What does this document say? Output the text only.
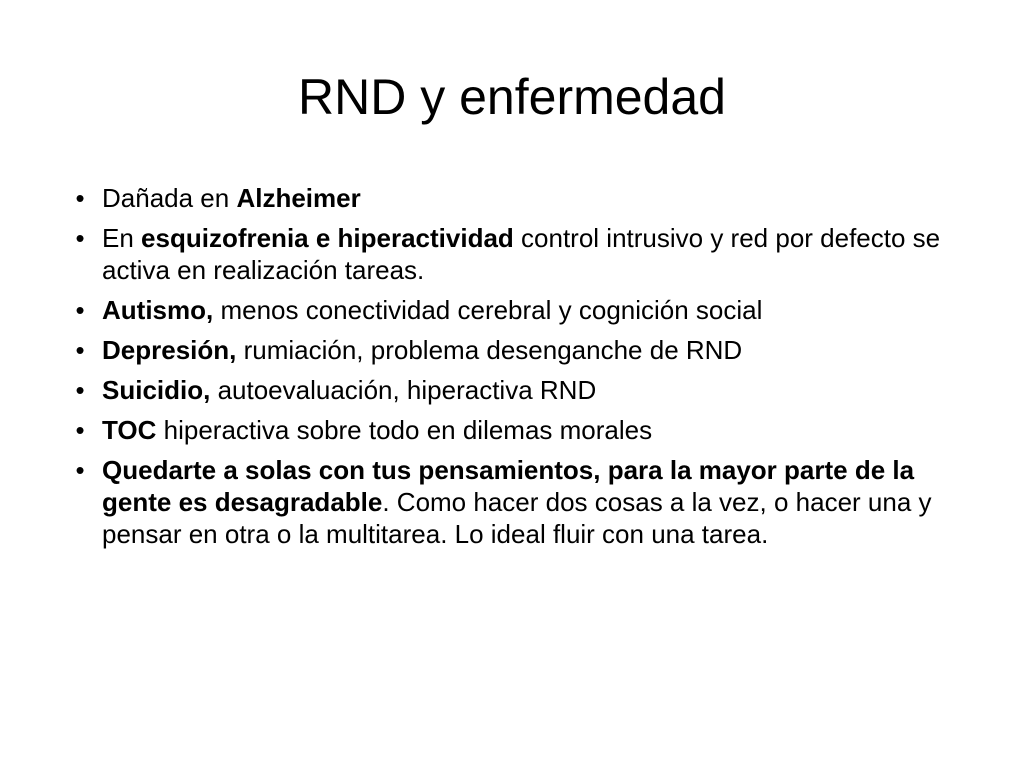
RND y enfermedad
• Dañada en Alzheimer
• En esquizofrenia e hiperactividad control intrusivo y red por defecto se activa en realización tareas.
• Autismo, menos conectividad cerebral y cognición social
• Depresión, rumiación, problema desenganche de RND
• Suicidio, autoevaluación, hiperactiva RND
• TOC hiperactiva sobre todo en dilemas morales
• Quedarte a solas con tus pensamientos, para la mayor parte de la gente es desagradable. Como hacer dos cosas a la vez, o hacer una y pensar en otra o la multitarea. Lo ideal fluir con una tarea.
